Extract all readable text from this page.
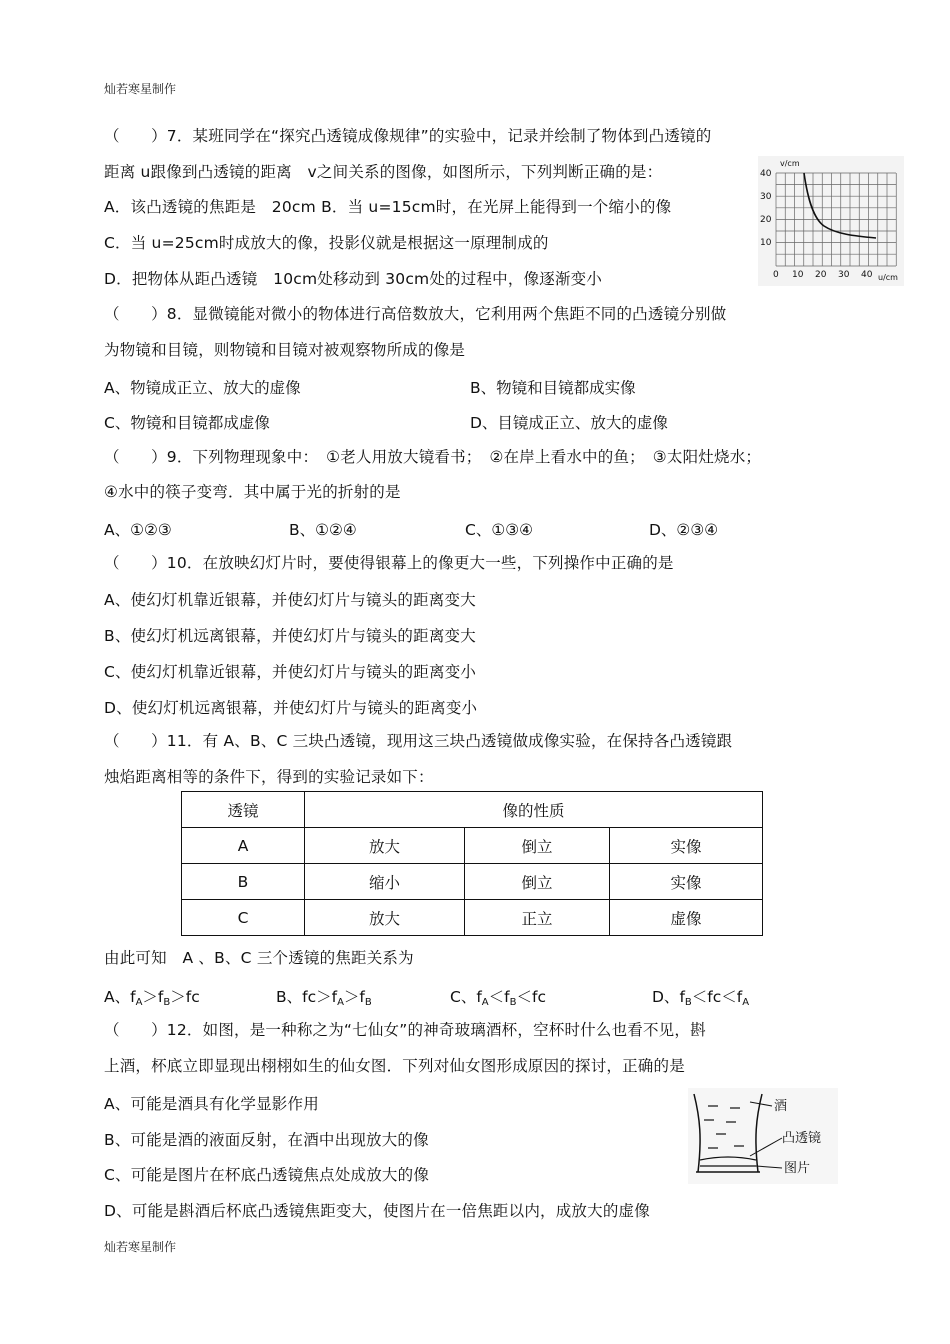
灿若寒星制作
灿若寒星制作
（　　）7．某班同学在“探究凸透镜成像规律”的实验中，记录并绘制了物体到凸透镜的
距离 u跟像到凸透镜的距离　v之间关系的图像，如图所示，下列判断正确的是：
A．该凸透镜的焦距是　20cm B．当 u=15cm时，在光屏上能得到一个缩小的像
C．当 u=25cm时成放大的像，投影仪就是根据这一原理制成的
D．把物体从距凸透镜　10cm处移动到 30cm处的过程中，像逐渐变小
v/cm
u/cm
10
20
30
40
0 10 20 30 40
（　　）8．显微镜能对微小的物体进行高倍数放大，它利用两个焦距不同的凸透镜分别做
为物镜和目镜，则物镜和目镜对被观察物所成的像是
A、物镜成正立、放大的虚像	B、物镜和目镜都成实像
C、物镜和目镜都成虚像	D、目镜成正立、放大的虚像
（　　）9．下列物理现象中：　①老人用放大镜看书；　②在岸上看水中的鱼；　③太阳灶烧水；
④水中的筷子变弯．其中属于光的折射的是
A、①②③	B、①②④	C、①③④	D、②③④
（　　）10．在放映幻灯片时，要使得银幕上的像更大一些，下列操作中正确的是
A、使幻灯机靠近银幕，并使幻灯片与镜头的距离变大
B、使幻灯机远离银幕，并使幻灯片与镜头的距离变大
C、使幻灯机靠近银幕，并使幻灯片与镜头的距离变小
D、使幻灯机远离银幕，并使幻灯片与镜头的距离变小
（　　）11．有 A、B、C 三块凸透镜，现用这三块凸透镜做成像实验，在保持各凸透镜跟
烛焰距离相等的条件下，得到的实验记录如下：
透镜	像的性质		
A	放大	倒立	实像
B	缩小	倒立	实像
C	放大	正立	虚像
由此可知　A 、B、C 三个透镜的焦距关系为
A、$f_A>f_B>fc$	B、$fc>f_A>f_B$	C、$f_A<f_B<fc$	D、$f_B<fc<f_A$
（　　）12．如图，是一种称之为“七仙女”的神奇玻璃酒杯，空杯时什么也看不见，斟
上酒，杯底立即显现出栩栩如生的仙女图．下列对仙女图形成原因的探讨，正确的是
A、可能是酒具有化学显影作用
B、可能是酒的液面反射，在酒中出现放大的像
C、可能是图片在杯底凸透镜焦点处成放大的像
D、可能是斟酒后杯底凸透镜焦距变大，使图片在一倍焦距以内，成放大的虚像
酒
凸透镜
图片
